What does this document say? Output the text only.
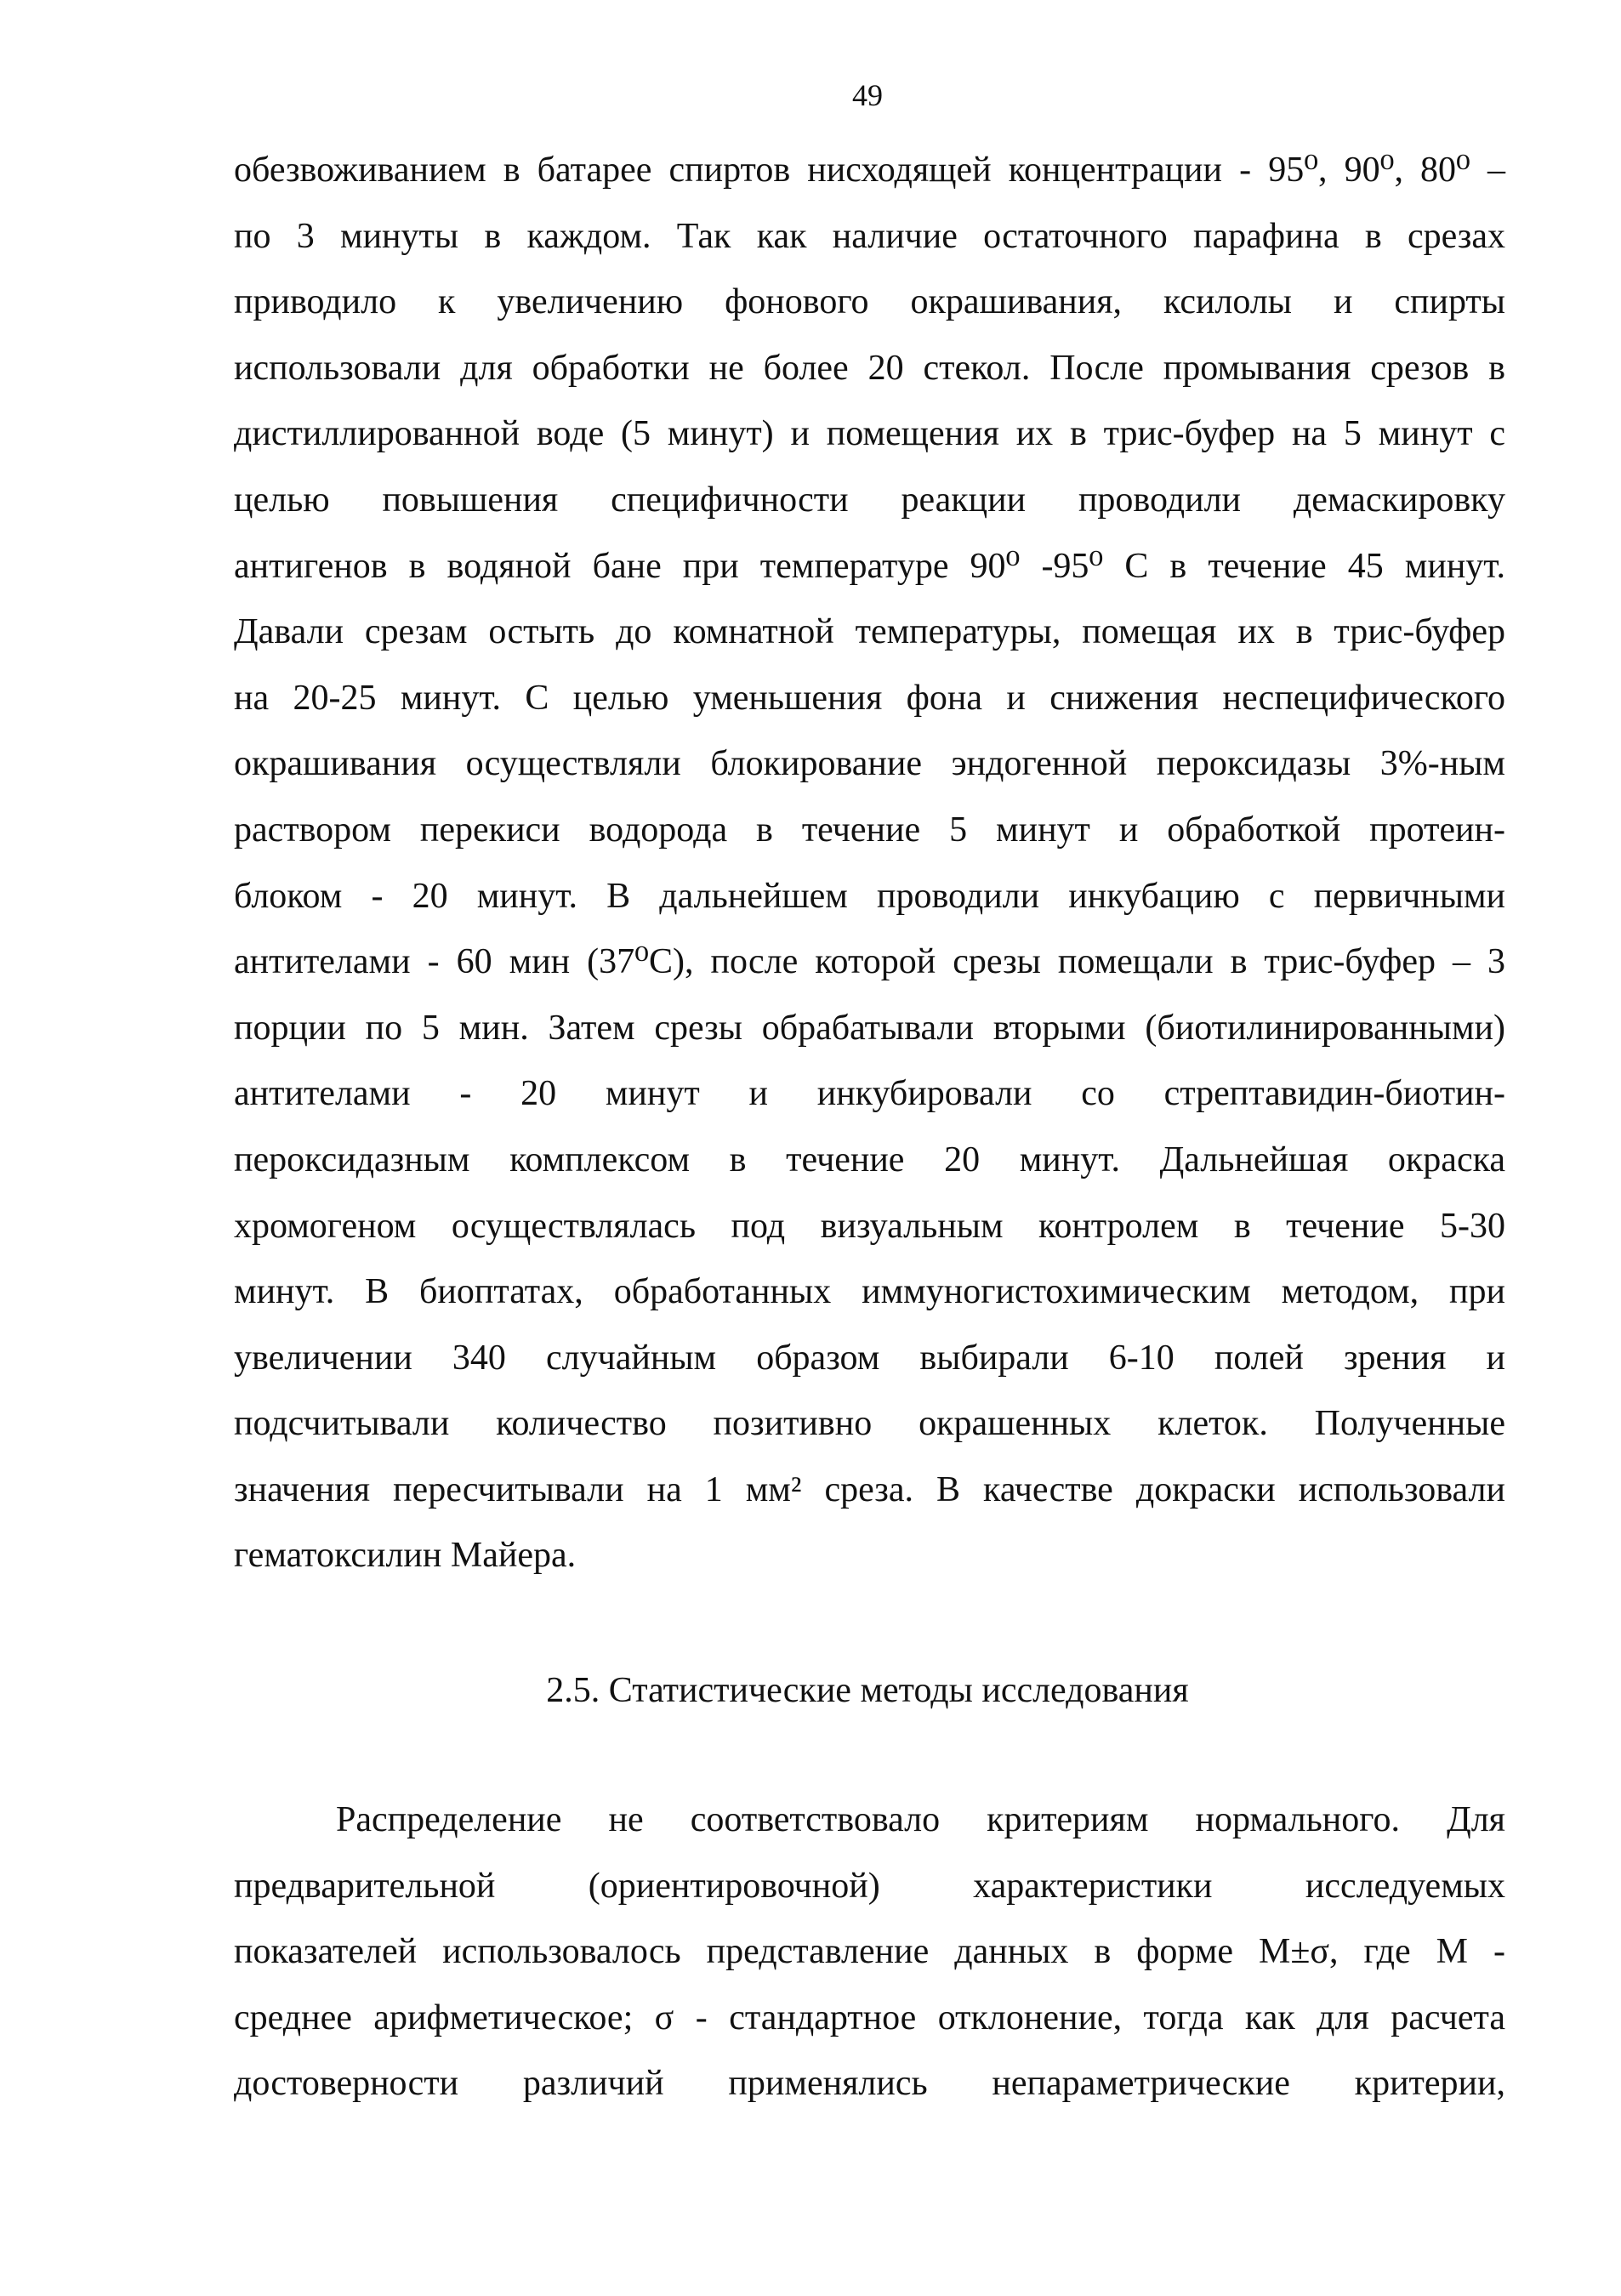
49
обезвоживанием в батарее спиртов нисходящей концентрации - 95⁰, 90⁰, 80⁰ –
по 3 минуты в каждом. Так как наличие остаточного парафина в срезах
приводило к увеличению фонового окрашивания, ксилолы и спирты
использовали для обработки не более 20 стекол. После промывания срезов в
дистиллированной воде (5 минут) и помещения их в трис-буфер на 5 минут с
целью повышения специфичности реакции проводили демаскировку
антигенов в водяной бане при температуре 90⁰ -95⁰ С в течение 45 минут.
Давали срезам остыть до комнатной температуры, помещая их в трис-буфер
на 20-25 минут. С целью уменьшения фона и снижения неспецифического
окрашивания осуществляли блокирование эндогенной пероксидазы 3%-ным
раствором перекиси водорода в течение 5 минут и обработкой протеин-
блоком - 20 минут. В дальнейшем проводили инкубацию с первичными
антителами - 60 мин (37⁰С), после которой срезы помещали в трис-буфер – 3
порции по 5 мин. Затем срезы обрабатывали вторыми (биотилинированными)
антителами - 20 минут и инкубировали со стрептавидин-биотин-
пероксидазным комплексом в течение 20 минут. Дальнейшая окраска
хромогеном осуществлялась под визуальным контролем в течение 5-30
минут. В биоптатах, обработанных иммуногистохимическим методом, при
увеличении 340 случайным образом выбирали 6-10 полей зрения и
подсчитывали количество позитивно окрашенных клеток. Полученные
значения пересчитывали на 1 мм² среза. В качестве докраски использовали
гематоксилин Майера.
2.5. Статистические методы исследования
Распределение не соответствовало критериям нормального. Для
предварительной (ориентировочной) характеристики исследуемых
показателей использовалось представление данных в форме M±σ, где М -
среднее арифметическое; σ - стандартное отклонение, тогда как для расчета
достоверности различий применялись непараметрические критерии,
